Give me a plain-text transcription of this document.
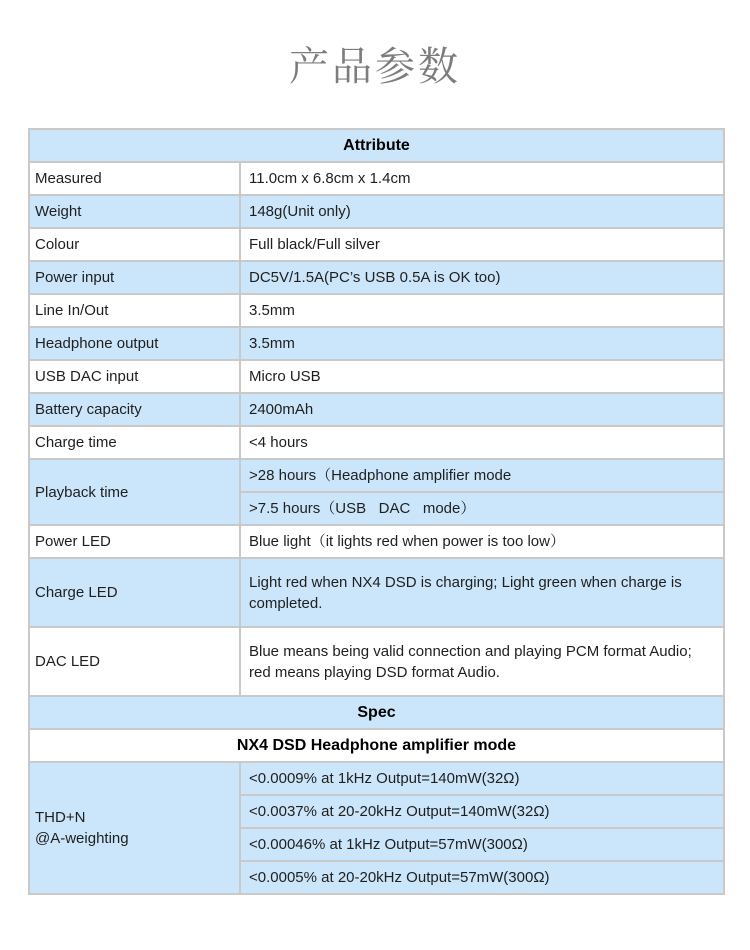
产品参数
Attribute	
Measured	11.0cm x 6.8cm x 1.4cm
Weight	148g(Unit only)
Colour	Full black/Full silver
Power input	DC5V/1.5A(PC’s USB 0.5A is OK too)
Line In/Out	3.5mm
Headphone output	3.5mm
USB DAC input	Micro USB
Battery capacity	2400mAh
Charge time	<4 hours
Playback time	>28 hours（Headphone amplifier mode
	>7.5 hours（USB   DAC   mode）
Power LED	Blue light（it lights red when power is too low）
Charge LED	Light red when NX4 DSD is charging; Light green when charge is completed.
DAC LED	Blue means being valid connection and playing PCM format Audio; red means playing DSD format Audio.
Spec	
NX4 DSD Headphone amplifier mode	
THD+N
@A-weighting	<0.0009% at 1kHz Output=140mW(32Ω)
	<0.0037% at 20-20kHz Output=140mW(32Ω)
	<0.00046% at 1kHz Output=57mW(300Ω)
	<0.0005% at 20-20kHz Output=57mW(300Ω)
